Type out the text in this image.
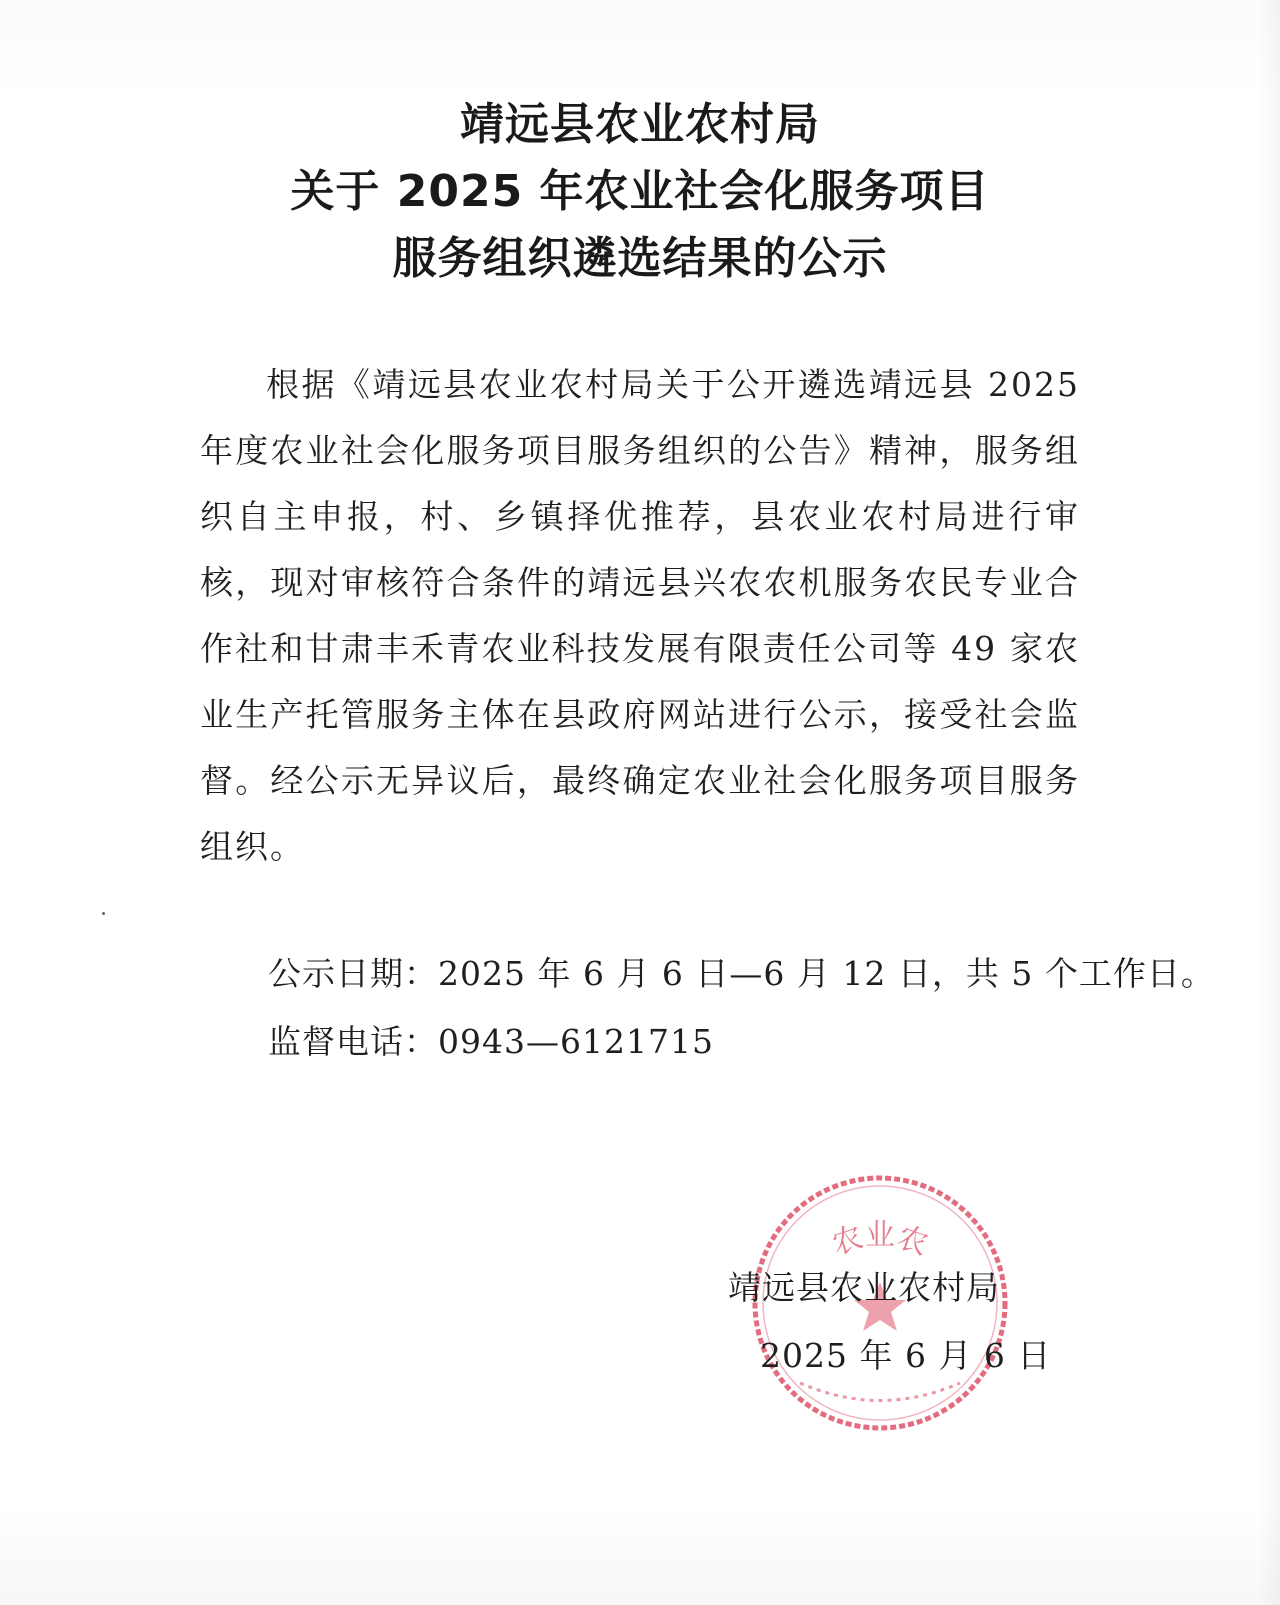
靖远县农业农村局
关于 2025 年农业社会化服务项目
服务组织遴选结果的公示

根据《靖远县农业农村局关于公开遴选靖远县 2025 年度农业社会化服务项目服务组织的公告》精神，服务组织自主申报，村、乡镇择优推荐，县农业农村局进行审核，现对审核符合条件的靖远县兴农农机服务农民专业合作社和甘肃丰禾青农业科技发展有限责任公司等 49 家农业生产托管服务主体在县政府网站进行公示，接受社会监督。经公示无异议后，最终确定农业社会化服务项目服务组织。

公示日期：2025 年 6 月 6 日—6 月 12 日，共 5 个工作日。

监督电话：0943—6121715

农业农

靖远县农业农村局

2025 年 6 月 6 日
